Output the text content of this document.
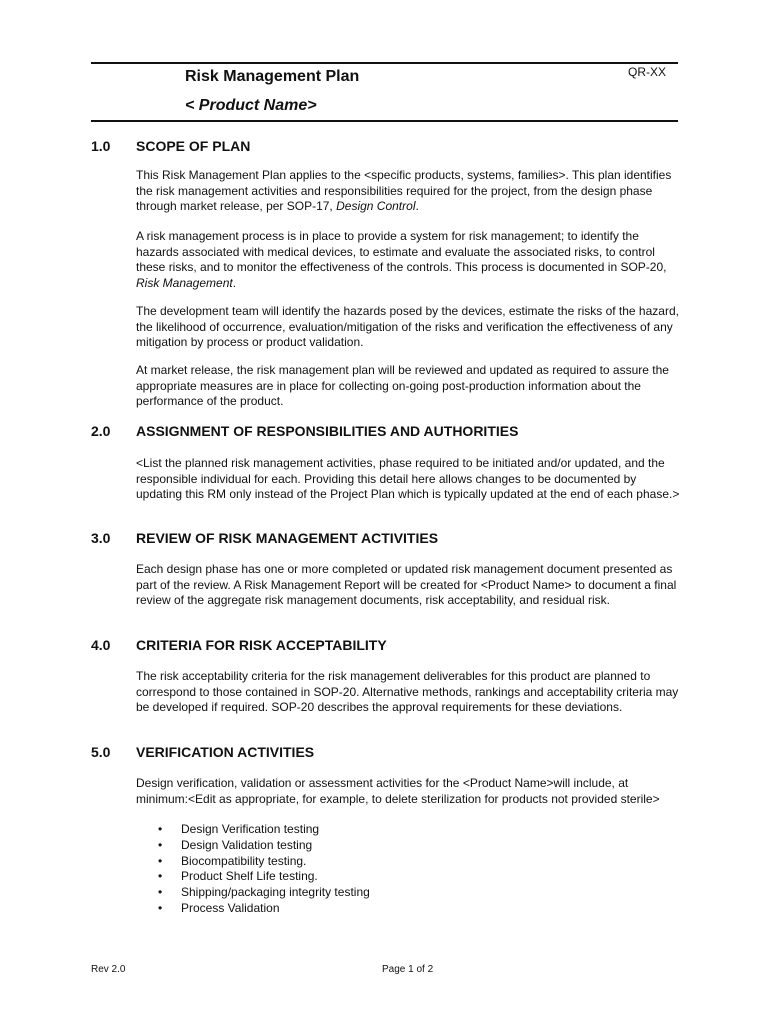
Risk Management Plan
< Product Name>
QR-XX
1.0 SCOPE OF PLAN

This Risk Management Plan applies to the <specific products, systems, families>. This plan identifies the risk management activities and responsibilities required for the project, from the design phase through market release, per SOP-17, Design Control.

A risk management process is in place to provide a system for risk management; to identify the hazards associated with medical devices, to estimate and evaluate the associated risks, to control these risks, and to monitor the effectiveness of the controls. This process is documented in SOP-20, Risk Management.

The development team will identify the hazards posed by the devices, estimate the risks of the hazard, the likelihood of occurrence, evaluation/mitigation of the risks and verification the effectiveness of any mitigation by process or product validation.

At market release, the risk management plan will be reviewed and updated as required to assure the appropriate measures are in place for collecting on-going post-production information about the performance of the product.

2.0 ASSIGNMENT OF RESPONSIBILITIES AND AUTHORITIES

<List the planned risk management activities, phase required to be initiated and/or updated, and the responsible individual for each. Providing this detail here allows changes to be documented by updating this RM only instead of the Project Plan which is typically updated at the end of each phase.>

3.0 REVIEW OF RISK MANAGEMENT ACTIVITIES

Each design phase has one or more completed or updated risk management document presented as part of the review. A Risk Management Report will be created for <Product Name> to document a final review of the aggregate risk management documents, risk acceptability, and residual risk.

4.0 CRITERIA FOR RISK ACCEPTABILITY

The risk acceptability criteria for the risk management deliverables for this product are planned to correspond to those contained in SOP-20. Alternative methods, rankings and acceptability criteria may be developed if required. SOP-20 describes the approval requirements for these deviations.

5.0 VERIFICATION ACTIVITIES

Design verification, validation or assessment activities for the <Product Name>will include, at minimum:<Edit as appropriate, for example, to delete sterilization for products not provided sterile>

• Design Verification testing
• Design Validation testing
• Biocompatibility testing.
• Product Shelf Life testing.
• Shipping/packaging integrity testing
• Process Validation
Rev 2.0	Page 1 of 2
